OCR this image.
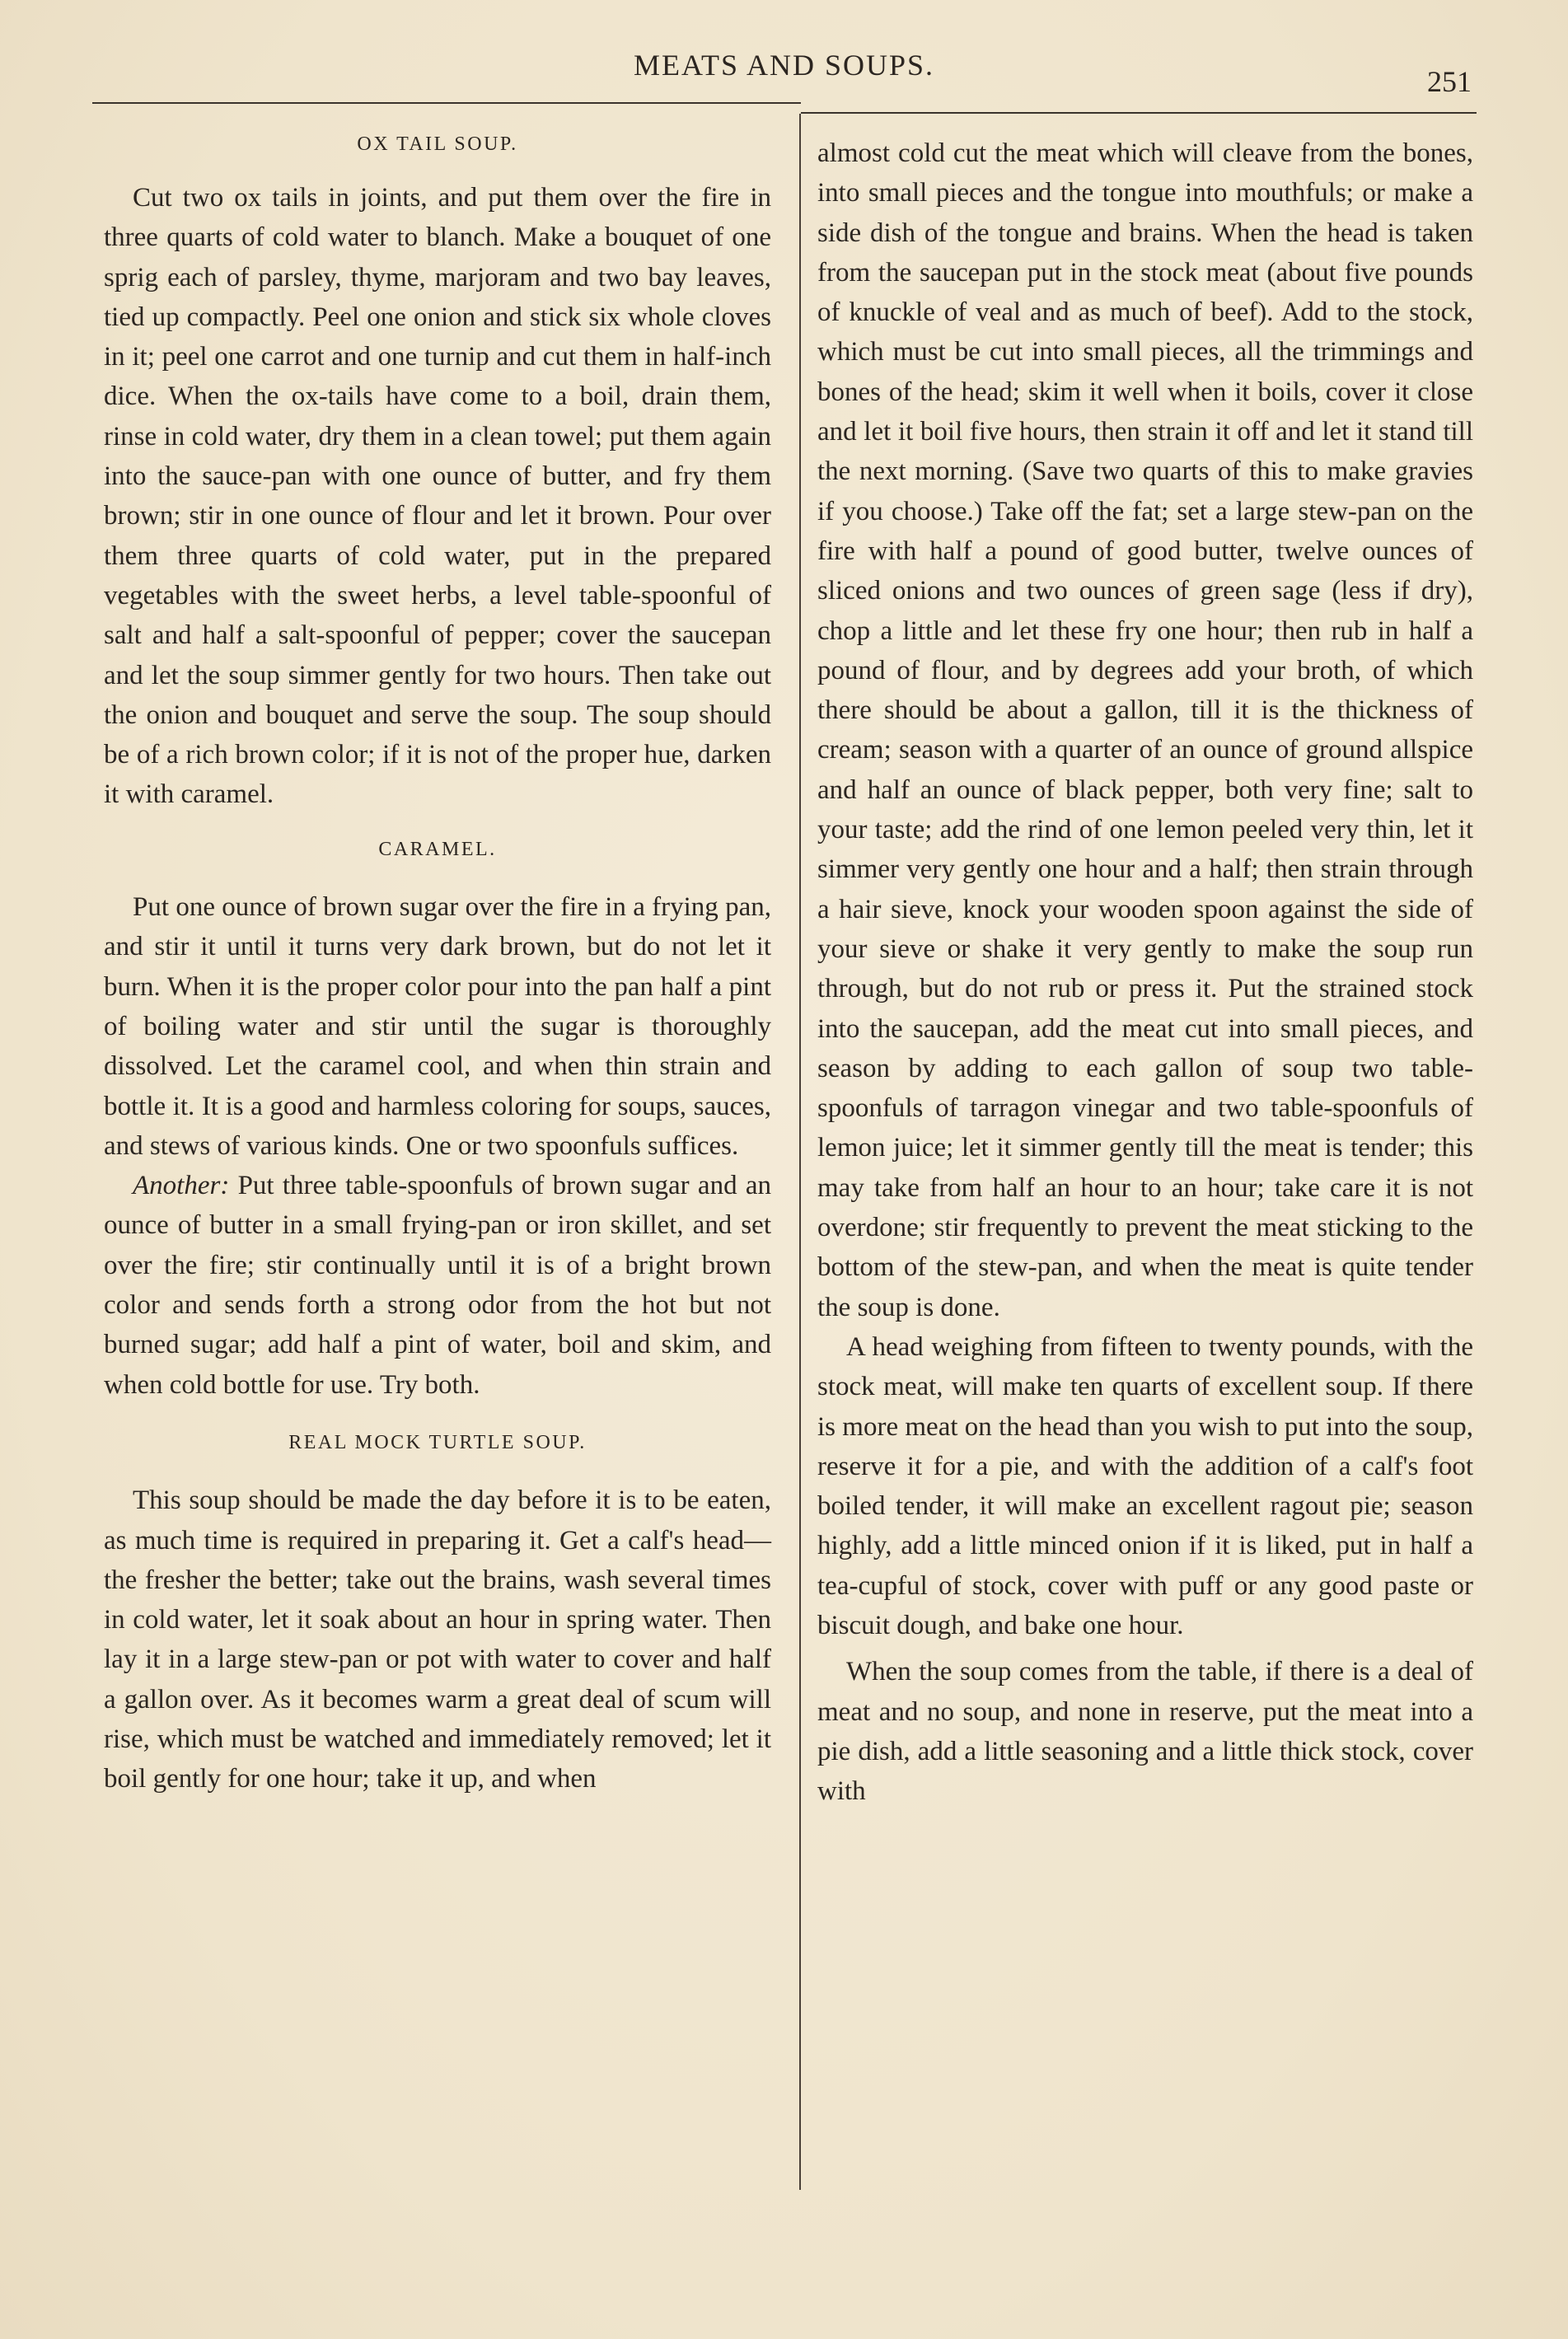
MEATS AND SOUPS.	251
OX TAIL SOUP.

Cut two ox tails in joints, and put them over the fire in three quarts of cold water to blanch. Make a bouquet of one sprig each of parsley, thyme, marjoram and two bay leaves, tied up compactly. Peel one onion and stick six whole cloves in it; peel one carrot and one turnip and cut them in half-inch dice. When the ox-tails have come to a boil, drain them, rinse in cold water, dry them in a clean towel; put them again into the sauce-pan with one ounce of butter, and fry them brown; stir in one ounce of flour and let it brown. Pour over them three quarts of cold water, put in the prepared vegetables with the sweet herbs, a level table-spoonful of salt and half a salt-spoonful of pepper; cover the saucepan and let the soup simmer gently for two hours. Then take out the onion and bouquet and serve the soup. The soup should be of a rich brown color; if it is not of the proper hue, darken it with caramel.

CARAMEL.

Put one ounce of brown sugar over the fire in a frying pan, and stir it until it turns very dark brown, but do not let it burn. When it is the proper color pour into the pan half a pint of boiling water and stir until the sugar is thoroughly dissolved. Let the caramel cool, and when thin strain and bottle it. It is a good and harmless coloring for soups, sauces, and stews of various kinds. One or two spoonfuls suffices.

Another: Put three table-spoonfuls of brown sugar and an ounce of butter in a small frying-pan or iron skillet, and set over the fire; stir continually until it is of a bright brown color and sends forth a strong odor from the hot but not burned sugar; add half a pint of water, boil and skim, and when cold bottle for use. Try both.

REAL MOCK TURTLE SOUP.

This soup should be made the day before it is to be eaten, as much time is required in preparing it. Get a calf's head—the fresher the better; take out the brains, wash several times in cold water, let it soak about an hour in spring water. Then lay it in a large stew-pan or pot with water to cover and half a gallon over. As it becomes warm a great deal of scum will rise, which must be watched and immediately removed; let it boil gently for one hour; take it up, and when

almost cold cut the meat which will cleave from the bones, into small pieces and the tongue into mouthfuls; or make a side dish of the tongue and brains. When the head is taken from the saucepan put in the stock meat (about five pounds of knuckle of veal and as much of beef). Add to the stock, which must be cut into small pieces, all the trimmings and bones of the head; skim it well when it boils, cover it close and let it boil five hours, then strain it off and let it stand till the next morning. (Save two quarts of this to make gravies if you choose.) Take off the fat; set a large stew-pan on the fire with half a pound of good butter, twelve ounces of sliced onions and two ounces of green sage (less if dry), chop a little and let these fry one hour; then rub in half a pound of flour, and by degrees add your broth, of which there should be about a gallon, till it is the thickness of cream; season with a quarter of an ounce of ground allspice and half an ounce of black pepper, both very fine; salt to your taste; add the rind of one lemon peeled very thin, let it simmer very gently one hour and a half; then strain through a hair sieve, knock your wooden spoon against the side of your sieve or shake it very gently to make the soup run through, but do not rub or press it. Put the strained stock into the saucepan, add the meat cut into small pieces, and season by adding to each gallon of soup two table-spoonfuls of tarragon vinegar and two table-spoonfuls of lemon juice; let it simmer gently till the meat is tender; this may take from half an hour to an hour; take care it is not overdone; stir frequently to prevent the meat sticking to the bottom of the stew-pan, and when the meat is quite tender the soup is done.

A head weighing from fifteen to twenty pounds, with the stock meat, will make ten quarts of excellent soup. If there is more meat on the head than you wish to put into the soup, reserve it for a pie, and with the addition of a calf's foot boiled tender, it will make an excellent ragout pie; season highly, add a little minced onion if it is liked, put in half a tea-cupful of stock, cover with puff or any good paste or biscuit dough, and bake one hour.

When the soup comes from the table, if there is a deal of meat and no soup, and none in reserve, put the meat into a pie dish, add a little seasoning and a little thick stock, cover with
